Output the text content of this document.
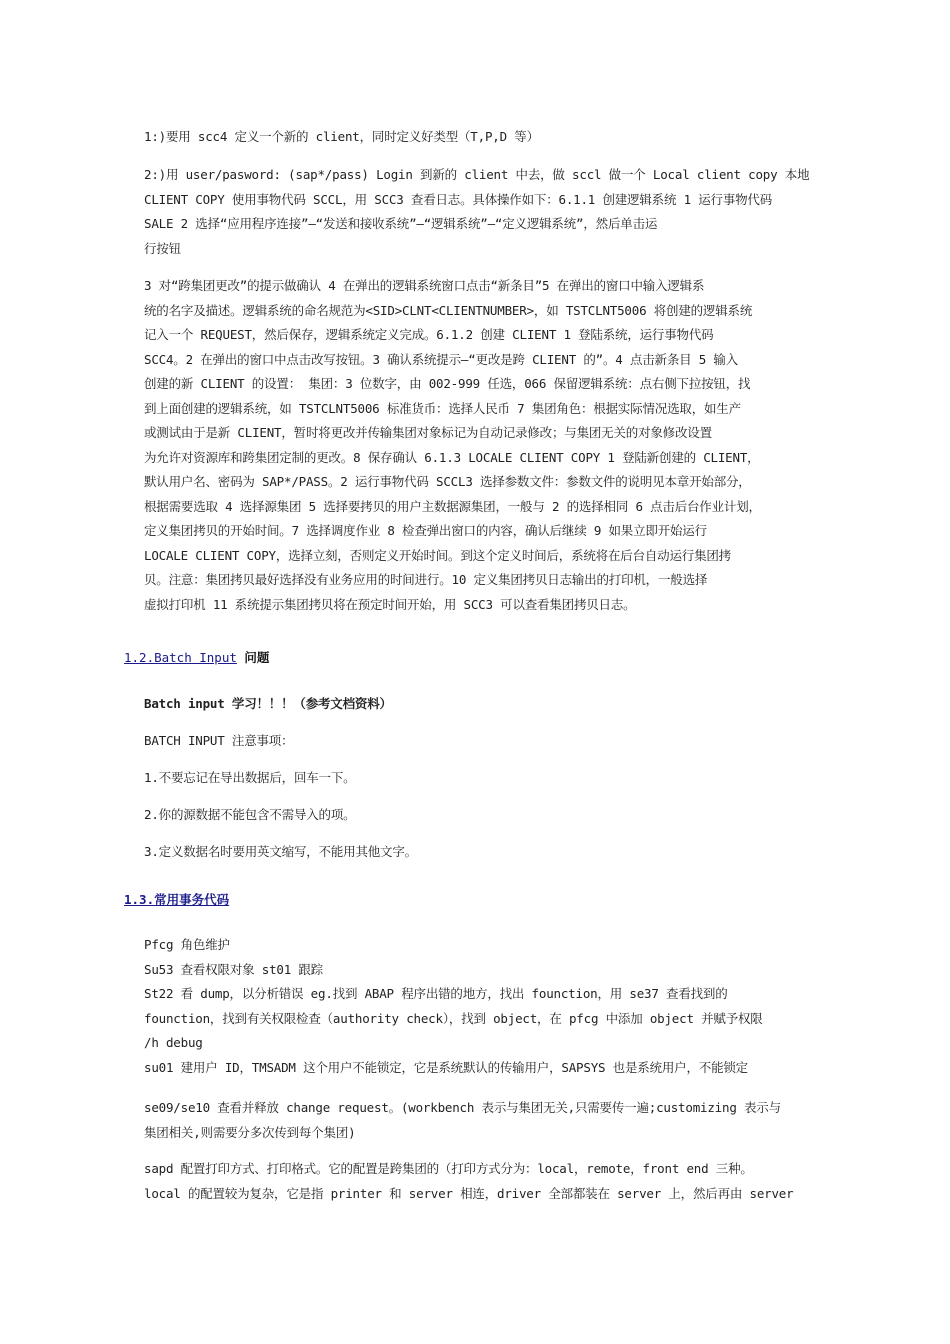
1:)要用 scc4 定义一个新的 client，同时定义好类型（T,P,D 等）

2:)用 user/pasword: (sap*/pass) Login 到新的 client 中去，做 sccl 做一个 Local client copy 本地
CLIENT COPY 使用事物代码 SCCL，用 SCC3 查看日志。具体操作如下：6.1.1 创建逻辑系统 1 运行事物代码
SALE 2 选择“应用程序连接”—“发送和接收系统”—“逻辑系统”—“定义逻辑系统”，然后单击运
行按钮

3 对“跨集团更改”的提示做确认 4 在弹出的逻辑系统窗口点击“新条目”5 在弹出的窗口中输入逻辑系
统的名字及描述。逻辑系统的命名规范为<SID>CLNT<CLIENTNUMBER>，如 TSTCLNT5006 将创建的逻辑系统
记入一个 REQUEST，然后保存，逻辑系统定义完成。6.1.2 创建 CLIENT 1 登陆系统，运行事物代码
SCC4。2 在弹出的窗口中点击改写按钮。3 确认系统提示—“更改是跨 CLIENT 的”。4 点击新条目 5 输入
创建的新 CLIENT 的设置： 集团：3 位数字，由 002-999 任选，066 保留逻辑系统：点右侧下拉按钮，找
到上面创建的逻辑系统，如 TSTCLNT5006 标准货币：选择人民币 7 集团角色：根据实际情况选取，如生产
或测试由于是新 CLIENT，暂时将更改并传输集团对象标记为自动记录修改；与集团无关的对象修改设置
为允许对资源库和跨集团定制的更改。8 保存确认 6.1.3 LOCALE CLIENT COPY 1 登陆新创建的 CLIENT，
默认用户名、密码为 SAP*/PASS。2 运行事物代码 SCCL3 选择参数文件：参数文件的说明见本章开始部分，
根据需要选取 4 选择源集团 5 选择要拷贝的用户主数据源集团，一般与 2 的选择相同 6 点击后台作业计划，
定义集团拷贝的开始时间。7 选择调度作业 8 检查弹出窗口的内容，确认后继续 9 如果立即开始运行
LOCALE CLIENT COPY，选择立刻，否则定义开始时间。到这个定义时间后，系统将在后台自动运行集团拷
贝。注意：集团拷贝最好选择没有业务应用的时间进行。10 定义集团拷贝日志输出的打印机，一般选择
虚拟打印机 11 系统提示集团拷贝将在预定时间开始，用 SCC3 可以查看集团拷贝日志。

1.2.Batch Input 问题

Batch input 学习！！！（参考文档资料）

BATCH INPUT 注意事项：

1.不要忘记在导出数据后，回车一下。

2.你的源数据不能包含不需导入的项。

3.定义数据名时要用英文缩写，不能用其他文字。

1.3.常用事务代码

Pfcg 角色维护
Su53 查看权限对象 st01 跟踪
St22 看 dump，以分析错误 eg.找到 ABAP 程序出错的地方，找出 founction，用 se37 查看找到的
founction，找到有关权限检查（authority check），找到 object，在 pfcg 中添加 object 并赋予权限
/h debug
su01 建用户 ID，TMSADM 这个用户不能锁定，它是系统默认的传输用户，SAPSYS 也是系统用户，不能锁定

se09/se10 查看并释放 change request。(workbench 表示与集团无关,只需要传一遍;customizing 表示与
集团相关,则需要分多次传到每个集团)

sapd 配置打印方式、打印格式。它的配置是跨集团的（打印方式分为：local，remote，front end 三种。
local 的配置较为复杂，它是指 printer 和 server 相连，driver 全部都装在 server 上，然后再由 server
